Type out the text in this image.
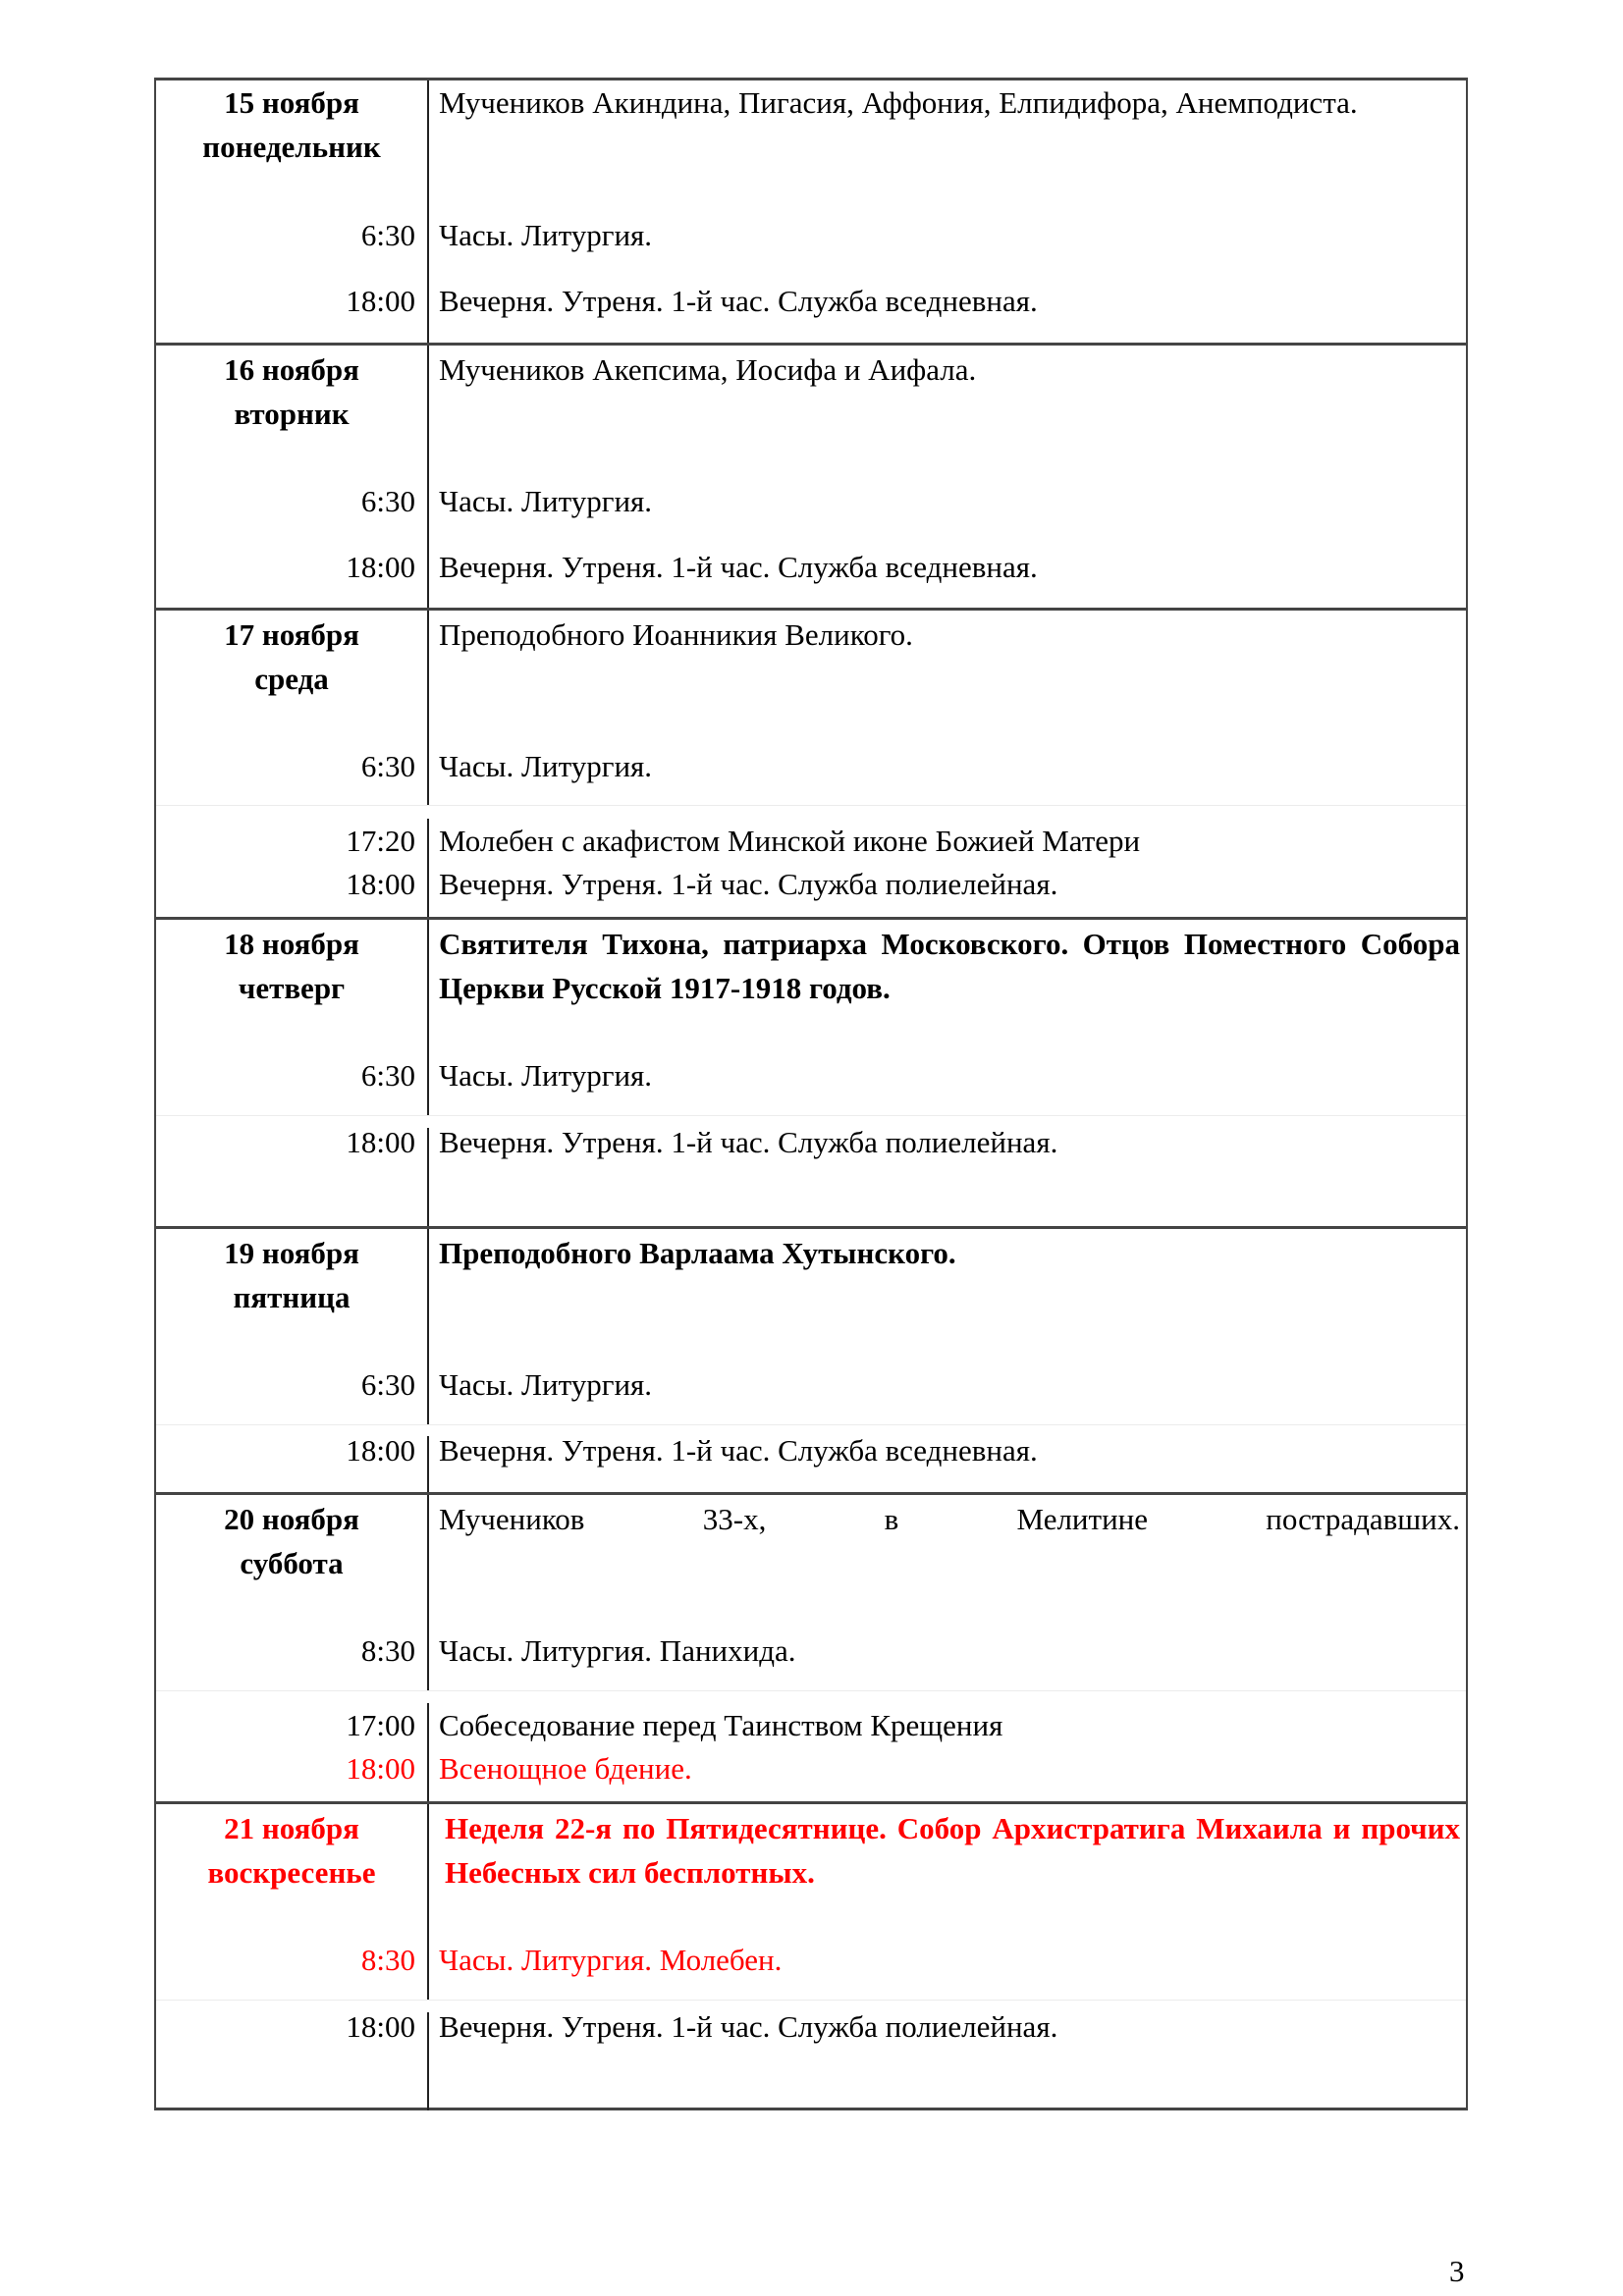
15 ноября
понедельник
Мучеников Акиндина, Пигасия, Аффония, Елпидифора, Анемподиста.
6:30 Часы. Литургия.
18:00 Вечерня. Утреня. 1-й час. Служба вседневная.
16 ноября
вторник
Мучеников Акепсима, Иосифа и Аифала.
6:30 Часы. Литургия.
18:00 Вечерня. Утреня. 1-й час. Служба вседневная.
17 ноября
среда
Преподобного Иоанникия Великого.
6:30 Часы. Литургия.
17:20 Молебен с акафистом Минской иконе Божией Матери
18:00 Вечерня. Утреня. 1-й час. Служба полиелейная.
18 ноября
четверг
Святителя Тихона, патриарха Московского. Отцов Поместного Собора Церкви Русской 1917-1918 годов.
6:30 Часы. Литургия.
18:00 Вечерня. Утреня. 1-й час. Служба полиелейная.
19 ноября
пятница
Преподобного Варлаама Хутынского.
6:30 Часы. Литургия.
18:00 Вечерня. Утреня. 1-й час. Служба вседневная.
20 ноября
суббота
Мучеников 33-х, в Мелитине пострадавших.
8:30 Часы. Литургия. Панихида.
17:00 Собеседование перед Таинством Крещения
18:00 Всенощное бдение.
21 ноября
воскресенье
Неделя 22-я по Пятидесятнице. Собор Архистратига Михаила и прочих Небесных сил бесплотных.
8:30 Часы. Литургия. Молебен.
18:00 Вечерня. Утреня. 1-й час. Служба полиелейная.
3
